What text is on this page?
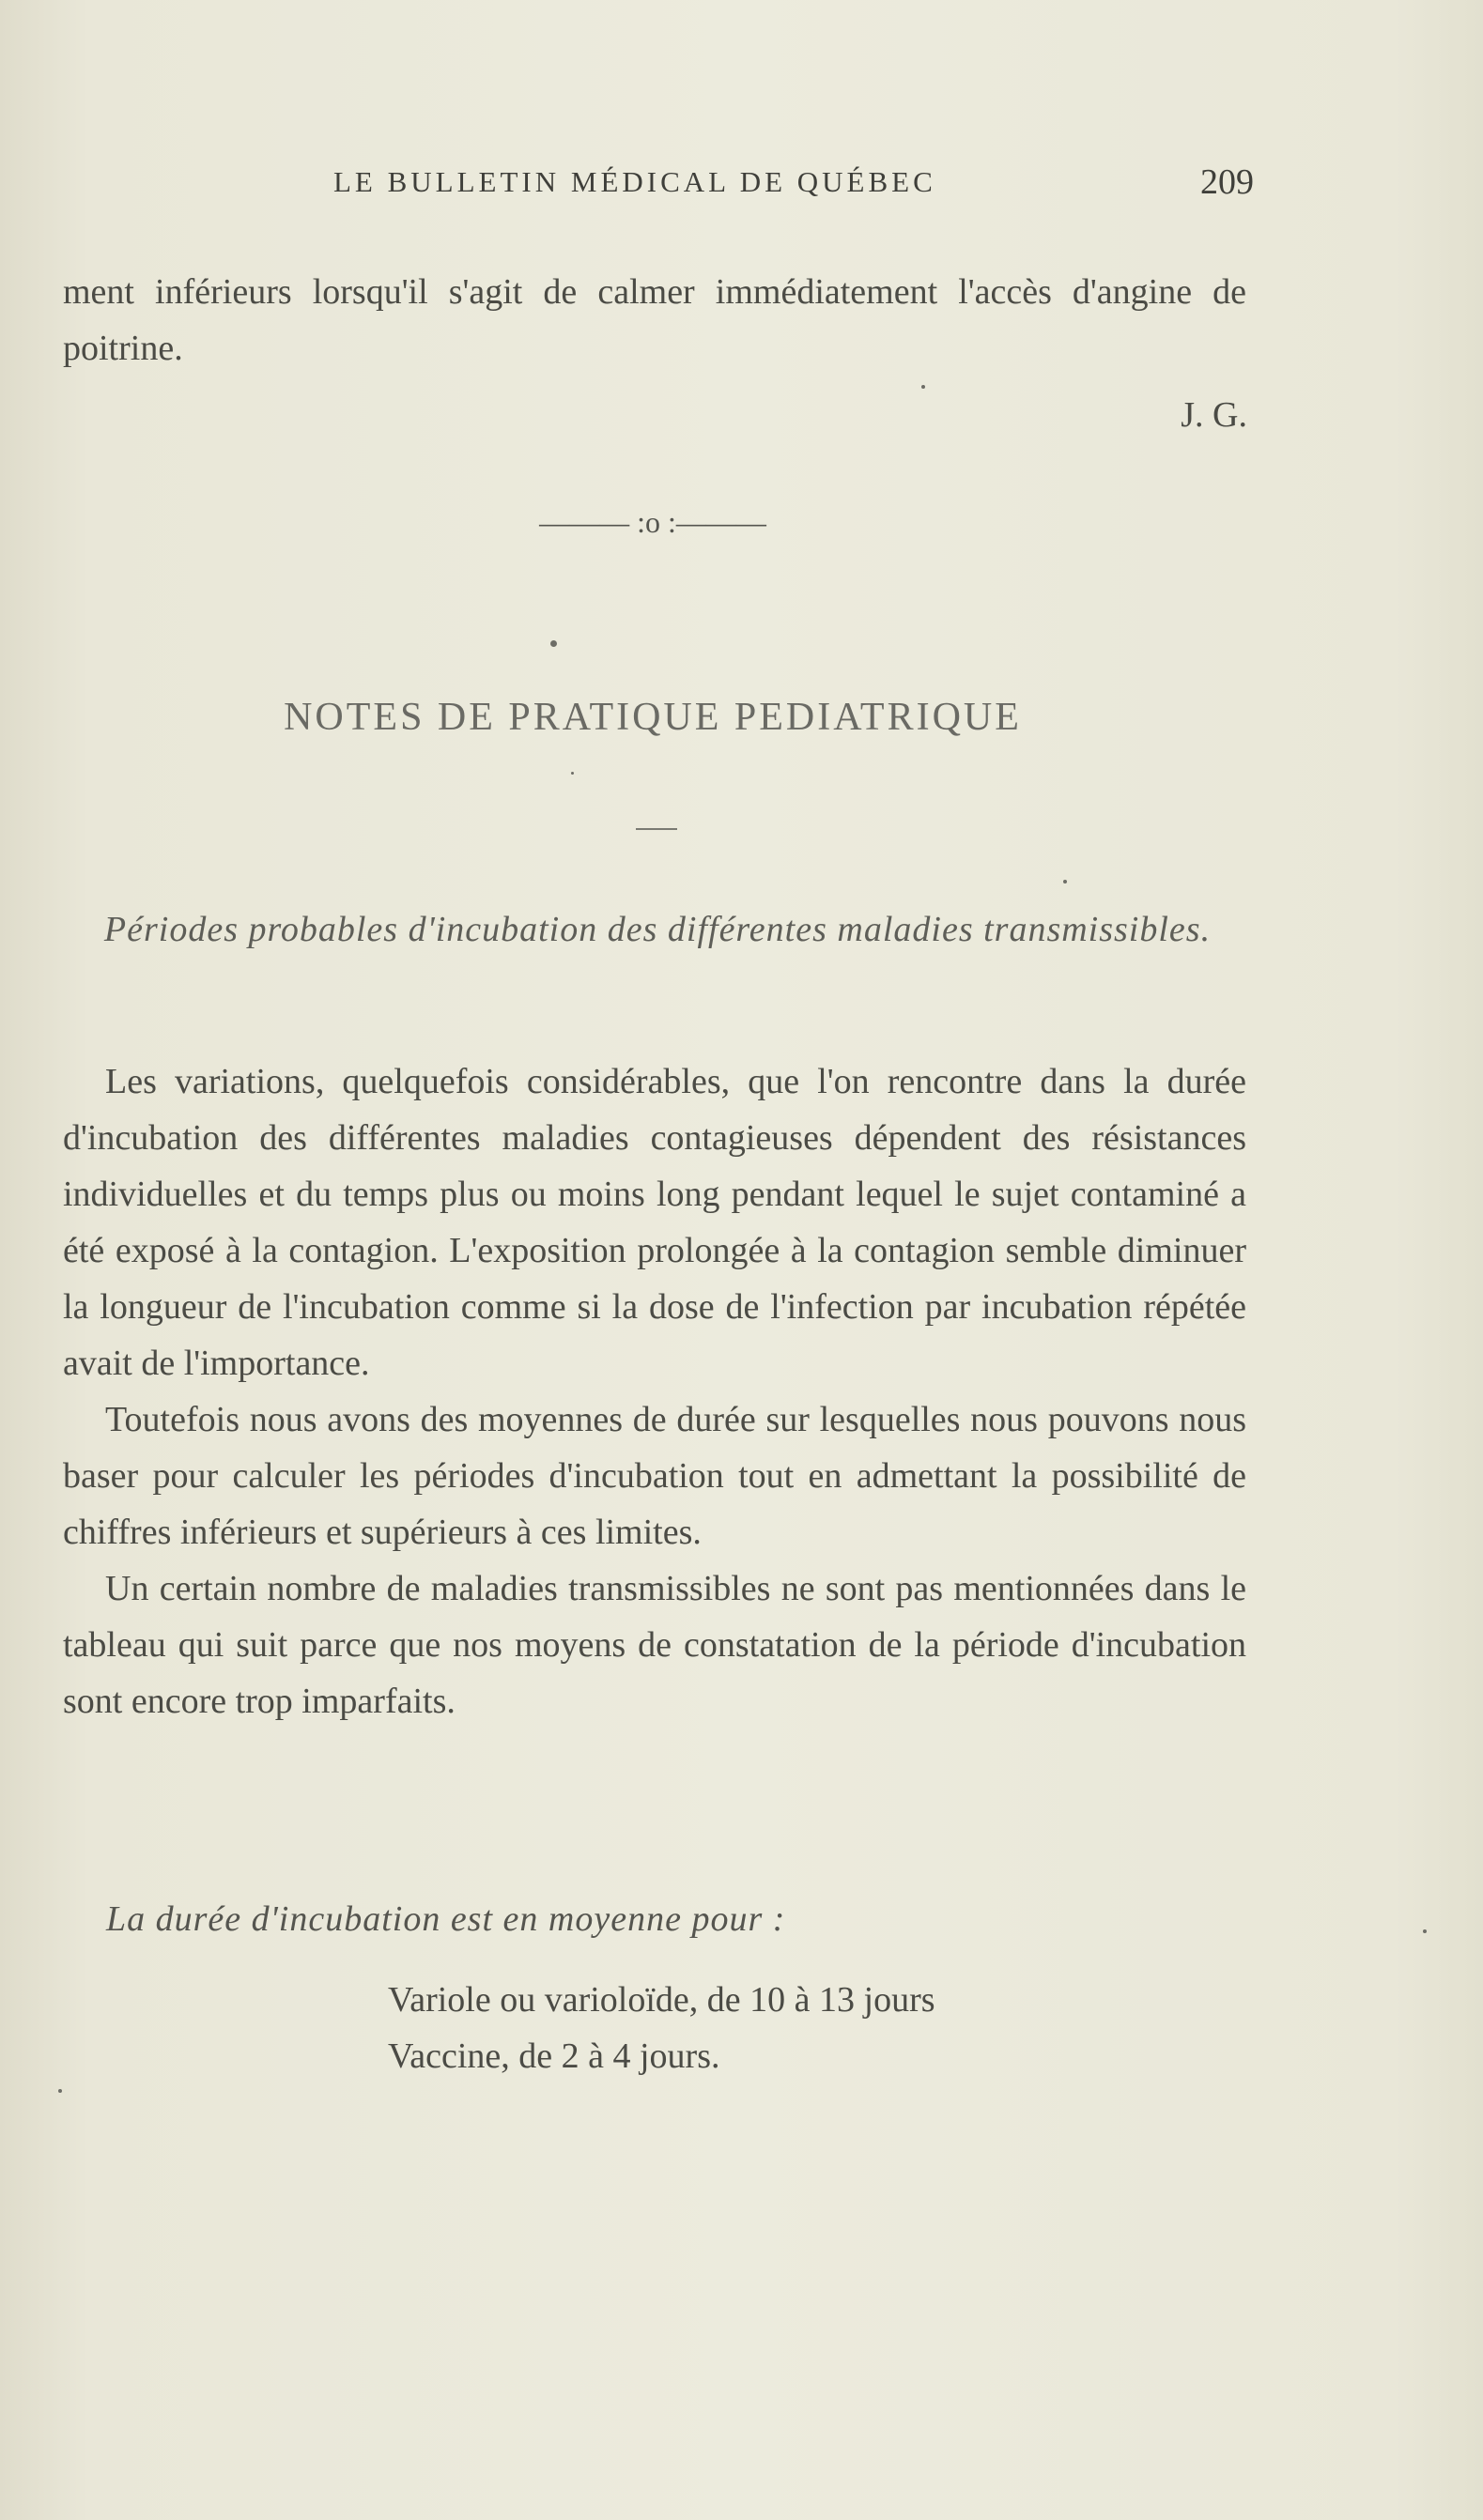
LE BULLETIN MÉDICAL DE QUÉBEC	209
ment inférieurs lorsqu'il s'agit de calmer immédiatement l'accès d'angine de poitrine.
J. G.
——— :o :———
NOTES DE PRATIQUE PEDIATRIQUE
Périodes probables d'incubation des différentes maladies transmissibles.

Les variations, quelquefois considérables, que l'on rencontre dans la durée d'incubation des différentes maladies contagieuses dépendent des résistances individuelles et du temps plus ou moins long pendant lequel le sujet contaminé a été exposé à la contagion. L'exposition prolongée à la contagion semble diminuer la longueur de l'incubation comme si la dose de l'infection par incubation répétée avait de l'importance.

Toutefois nous avons des moyennes de durée sur lesquelles nous pouvons nous baser pour calculer les périodes d'incubation tout en admettant la possibilité de chiffres inférieurs et supérieurs à ces limites.

Un certain nombre de maladies transmissibles ne sont pas mentionnées dans le tableau qui suit parce que nos moyens de constatation de la période d'incubation sont encore trop imparfaits.

La durée d'incubation est en moyenne pour :
Variole ou varioloïde, de 10 à 13 jours
Vaccine, de 2 à 4 jours.
